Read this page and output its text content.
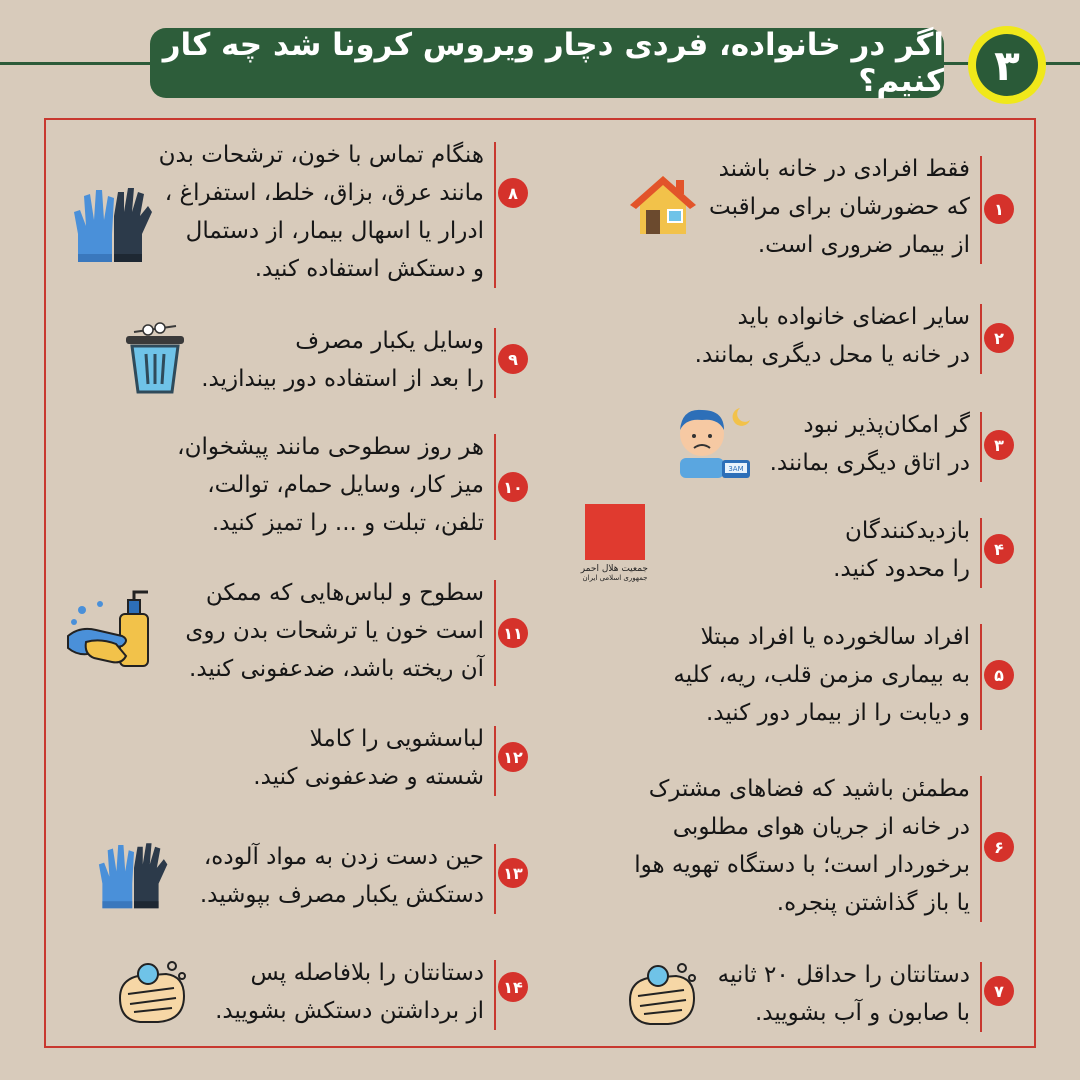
اگر در خانواده، فردی دچار ویروس کرونا شد چه کار کنیم؟	۳
فقط افرادی در خانه باشند
که حضورشان برای مراقبت
از بیمار ضروری است.
۱
سایر اعضای خانواده باید
در خانه یا محل دیگری بمانند.
۲
گر امکان‌پذیر نبود
در اتاق دیگری بمانند.
۳
بازدیدکنندگان
را محدود کنید.
۴
افراد سالخورده یا افراد مبتلا
به بیماری مزمن قلب، ریه، کلیه
و دیابت را از بیمار دور کنید.
۵
مطمئن باشید که فضاهای مشترک
در خانه از جریان هوای مطلوبی
برخوردار است؛ با دستگاه تهویه هوا
یا باز گذاشتن پنجره.
۶
دستانتان را حداقل ۲۰ ثانیه
با صابون و آب بشویید.
۷
هنگام تماس با خون، ترشحات بدن
مانند عرق، بزاق، خلط، استفراغ ،
ادرار یا اسهال بیمار، از دستمال
و دستکش استفاده کنید.
۸
وسایل یکبار مصرف
را بعد از استفاده دور بیندازید.
۹
هر روز سطوحی مانند پیشخوان،
میز کار، وسایل حمام، توالت،
تلفن، تبلت و ... را تمیز کنید.
۱۰
سطوح و لباس‌هایی که ممکن
است خون یا ترشحات بدن روی
آن ریخته باشد، ضدعفونی کنید.
۱۱
لباسشویی را کاملا
شسته و ضدعفونی کنید.
۱۲
حین دست زدن به مواد آلوده،
دستکش یکبار مصرف بپوشید.
۱۳
دستانتان را بلافاصله پس
از برداشتن دستکش بشویید.
۱۴
3AM
جمعیت هلال احمر
جمهوری اسلامی ایران
